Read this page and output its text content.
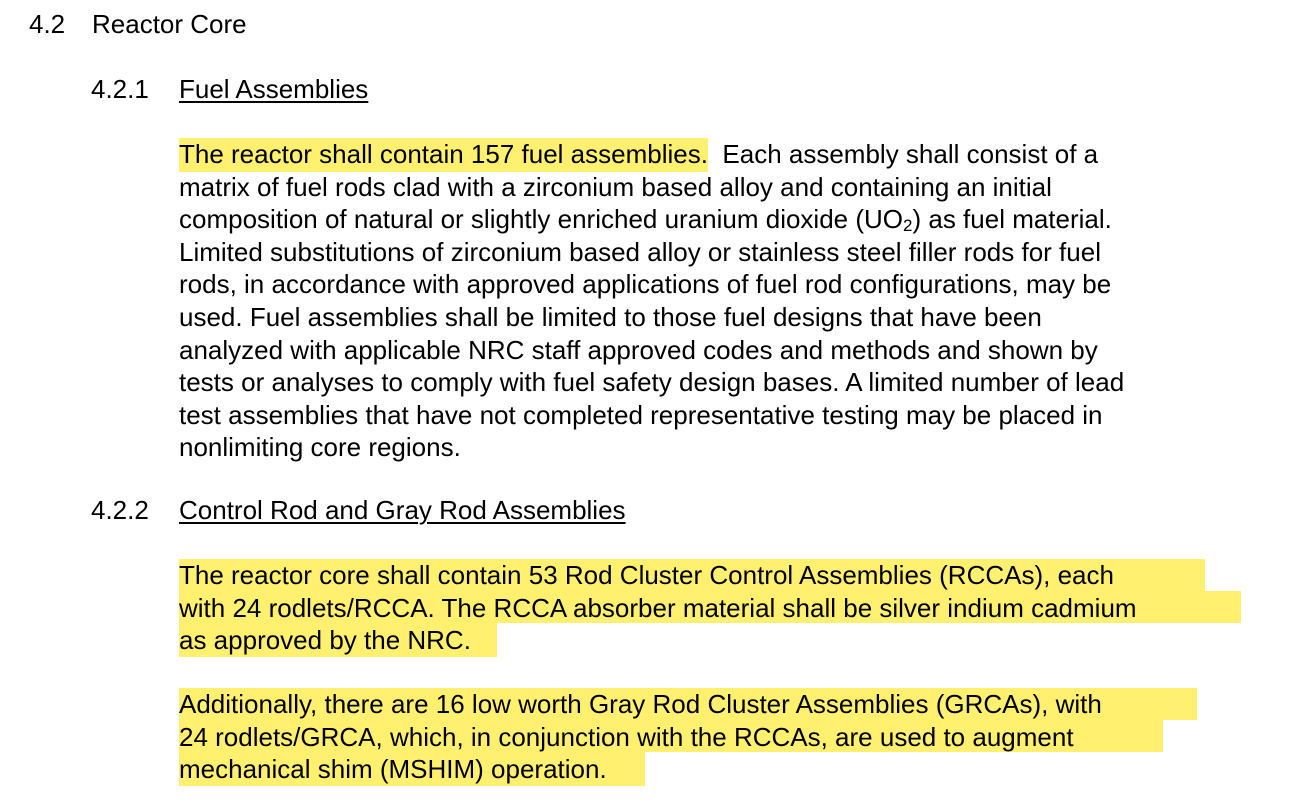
4.2 Reactor Core
4.2.1 Fuel Assemblies
The reactor shall contain 157 fuel assemblies. Each assembly shall consist of a
matrix of fuel rods clad with a zirconium based alloy and containing an initial
composition of natural or slightly enriched uranium dioxide $(UO_2)$ as fuel material.
Limited substitutions of zirconium based alloy or stainless steel filler rods for fuel
rods, in accordance with approved applications of fuel rod configurations, may be
used. Fuel assemblies shall be limited to those fuel designs that have been
analyzed with applicable NRC staff approved codes and methods and shown by
tests or analyses to comply with fuel safety design bases. A limited number of lead
test assemblies that have not completed representative testing may be placed in
nonlimiting core regions.
4.2.2 Control Rod and Gray Rod Assemblies
The reactor core shall contain 53 Rod Cluster Control Assemblies (RCCAs), each
with 24 rodlets/RCCA. The RCCA absorber material shall be silver indium cadmium
as approved by the NRC.
Additionally, there are 16 low worth Gray Rod Cluster Assemblies (GRCAs), with
24 rodlets/GRCA, which, in conjunction with the RCCAs, are used to augment
mechanical shim (MSHIM) operation.
